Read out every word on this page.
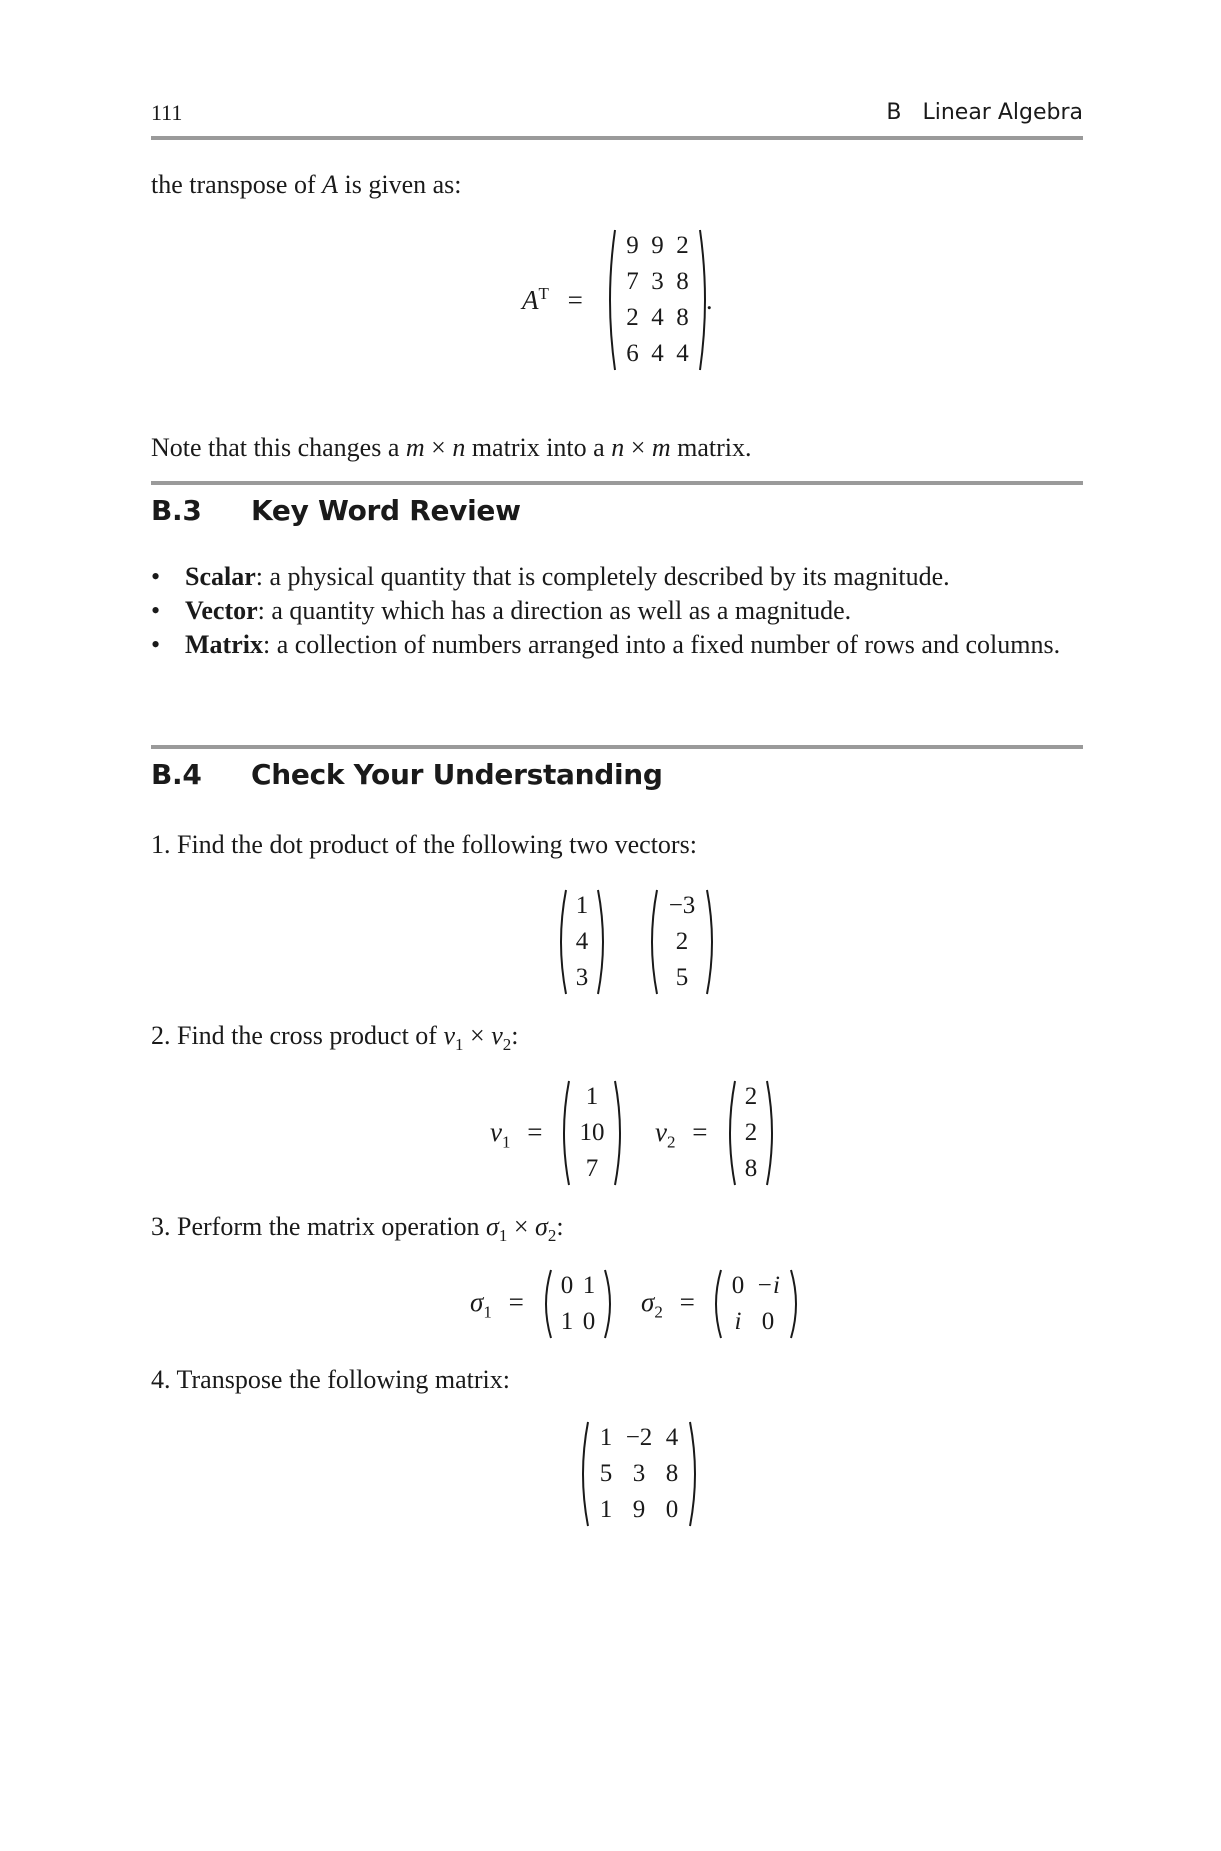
111	B   Linear Algebra
the transpose of A is given as:
$A^T$ =
9 9 2
7 3 8
2 4 8
6 4 4
.

Note that this changes a m × n matrix into a n × m matrix.

B.3 Key Word Review
• Scalar: a physical quantity that is completely described by its magnitude.
• Vector: a quantity which has a direction as well as a magnitude.
• Matrix: a collection of numbers arranged into a fixed number of rows and columns.
B.4 Check Your Understanding
1. Find the dot product of the following two vectors:
1
4
3
−3
2
5
2. Find the cross product of $v_1 \times v_2$:
$v_1$ =
1
10
7
$v_2$ =
2
2
8
3. Perform the matrix operation $\sigma_1 \times \sigma_2$:
$\sigma_1$ =
0 1
1 0
$\sigma_2$ =
0 −i
i 0
4. Transpose the following matrix:
1 −2 4
5 3 8
1 9 0
